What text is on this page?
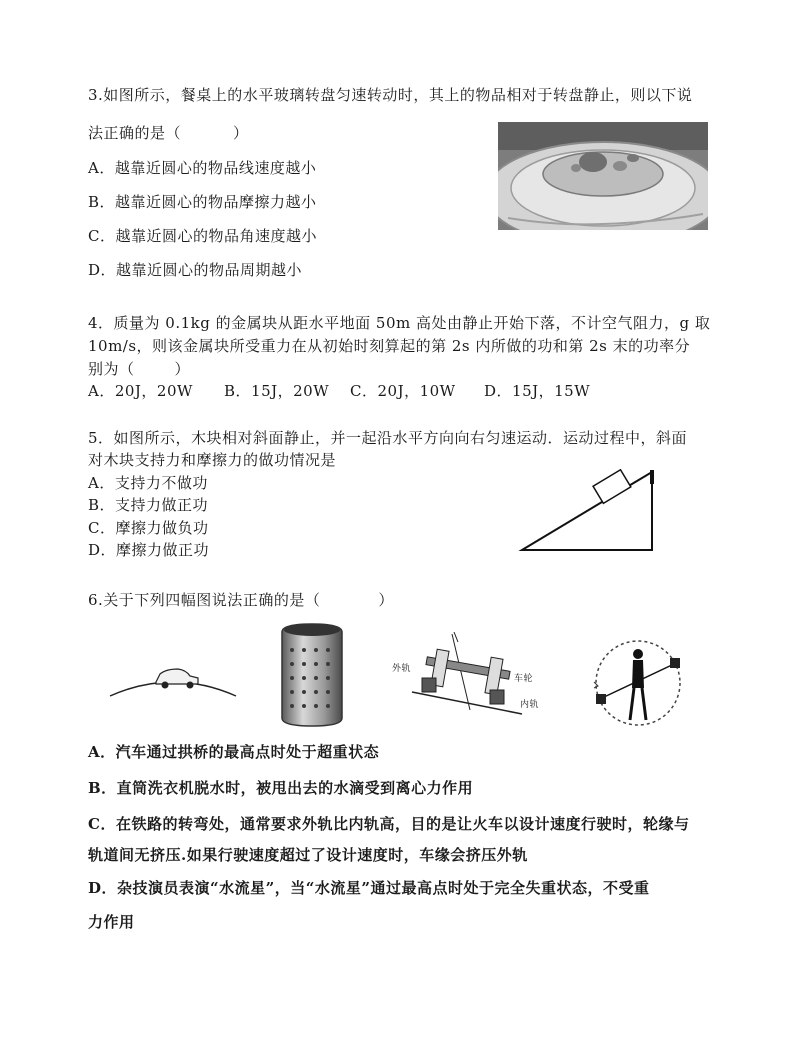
3.如图所示，餐桌上的水平玻璃转盘匀速转动时，其上的物品相对于转盘静止，则以下说
法正确的是（	）
A．越靠近圆心的物品线速度越小
B．越靠近圆心的物品摩擦力越小
C．越靠近圆心的物品角速度越小
D．越靠近圆心的物品周期越小
4．质量为 0.1kg 的金属块从距水平地面 50m 高处由静止开始下落，不计空气阻力，g 取
10m/s，则该金属块所受重力在从初始时刻算起的第 2s 内所做的功和第 2s 末的功率分
别为（	）
A．20J，20W	B．15J，20W	C．20J，10W	D．15J，15W
5．如图所示，木块相对斜面静止，并一起沿水平方向向右匀速运动．运动过程中，斜面
对木块支持力和摩擦力的做功情况是
A．支持力不做功
B．支持力做正功
C．摩擦力做负功
D．摩擦力做正功
6.关于下列四幅图说法正确的是（	）
外轨
车轮
内轨
A．汽车通过拱桥的最高点时处于超重状态
B．直筒洗衣机脱水时，被甩出去的水滴受到离心力作用
C．在铁路的转弯处，通常要求外轨比内轨高，目的是让火车以设计速度行驶时，轮缘与
轨道间无挤压.如果行驶速度超过了设计速度时，车缘会挤压外轨
D．杂技演员表演“水流星”，当“水流星”通过最高点时处于完全失重状态，不受重
力作用
